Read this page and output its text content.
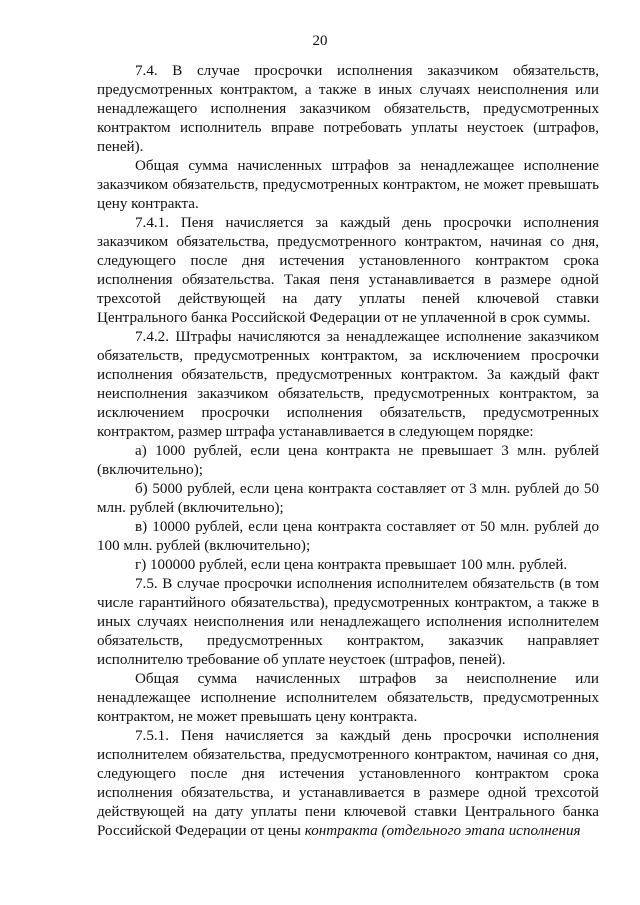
20

7.4. В случае просрочки исполнения заказчиком обязательств, предусмотренных контрактом, а также в иных случаях неисполнения или ненадлежащего исполнения заказчиком обязательств, предусмотренных контрактом исполнитель вправе потребовать уплаты неустоек (штрафов, пеней).

Общая сумма начисленных штрафов за ненадлежащее исполнение заказчиком обязательств, предусмотренных контрактом, не может превышать цену контракта.

7.4.1. Пеня начисляется за каждый день просрочки исполнения заказчиком обязательства, предусмотренного контрактом, начиная со дня, следующего после дня истечения установленного контрактом срока исполнения обязательства. Такая пеня устанавливается в размере одной трехсотой действующей на дату уплаты пеней ключевой ставки Центрального банка Российской Федерации от не уплаченной в срок суммы.

7.4.2. Штрафы начисляются за ненадлежащее исполнение заказчиком обязательств, предусмотренных контрактом, за исключением просрочки исполнения обязательств, предусмотренных контрактом. За каждый факт неисполнения заказчиком обязательств, предусмотренных контрактом, за исключением просрочки исполнения обязательств, предусмотренных контрактом, размер штрафа устанавливается в следующем порядке:

а) 1000 рублей, если цена контракта не превышает 3 млн. рублей (включительно);

б) 5000 рублей, если цена контракта составляет от 3 млн. рублей до 50 млн. рублей (включительно);

в) 10000 рублей, если цена контракта составляет от 50 млн. рублей до 100 млн. рублей (включительно);

г) 100000 рублей, если цена контракта превышает 100 млн. рублей.

7.5. В случае просрочки исполнения исполнителем обязательств (в том числе гарантийного обязательства), предусмотренных контрактом, а также в иных случаях неисполнения или ненадлежащего исполнения исполнителем обязательств, предусмотренных контрактом, заказчик направляет исполнителю требование об уплате неустоек (штрафов, пеней).

Общая сумма начисленных штрафов за неисполнение или ненадлежащее исполнение исполнителем обязательств, предусмотренных контрактом, не может превышать цену контракта.

7.5.1. Пеня начисляется за каждый день просрочки исполнения исполнителем обязательства, предусмотренного контрактом, начиная со дня, следующего после дня истечения установленного контрактом срока исполнения обязательства, и устанавливается в размере одной трехсотой действующей на дату уплаты пени ключевой ставки Центрального банка Российской Федерации от цены контракта (отдельного этапа исполнения
